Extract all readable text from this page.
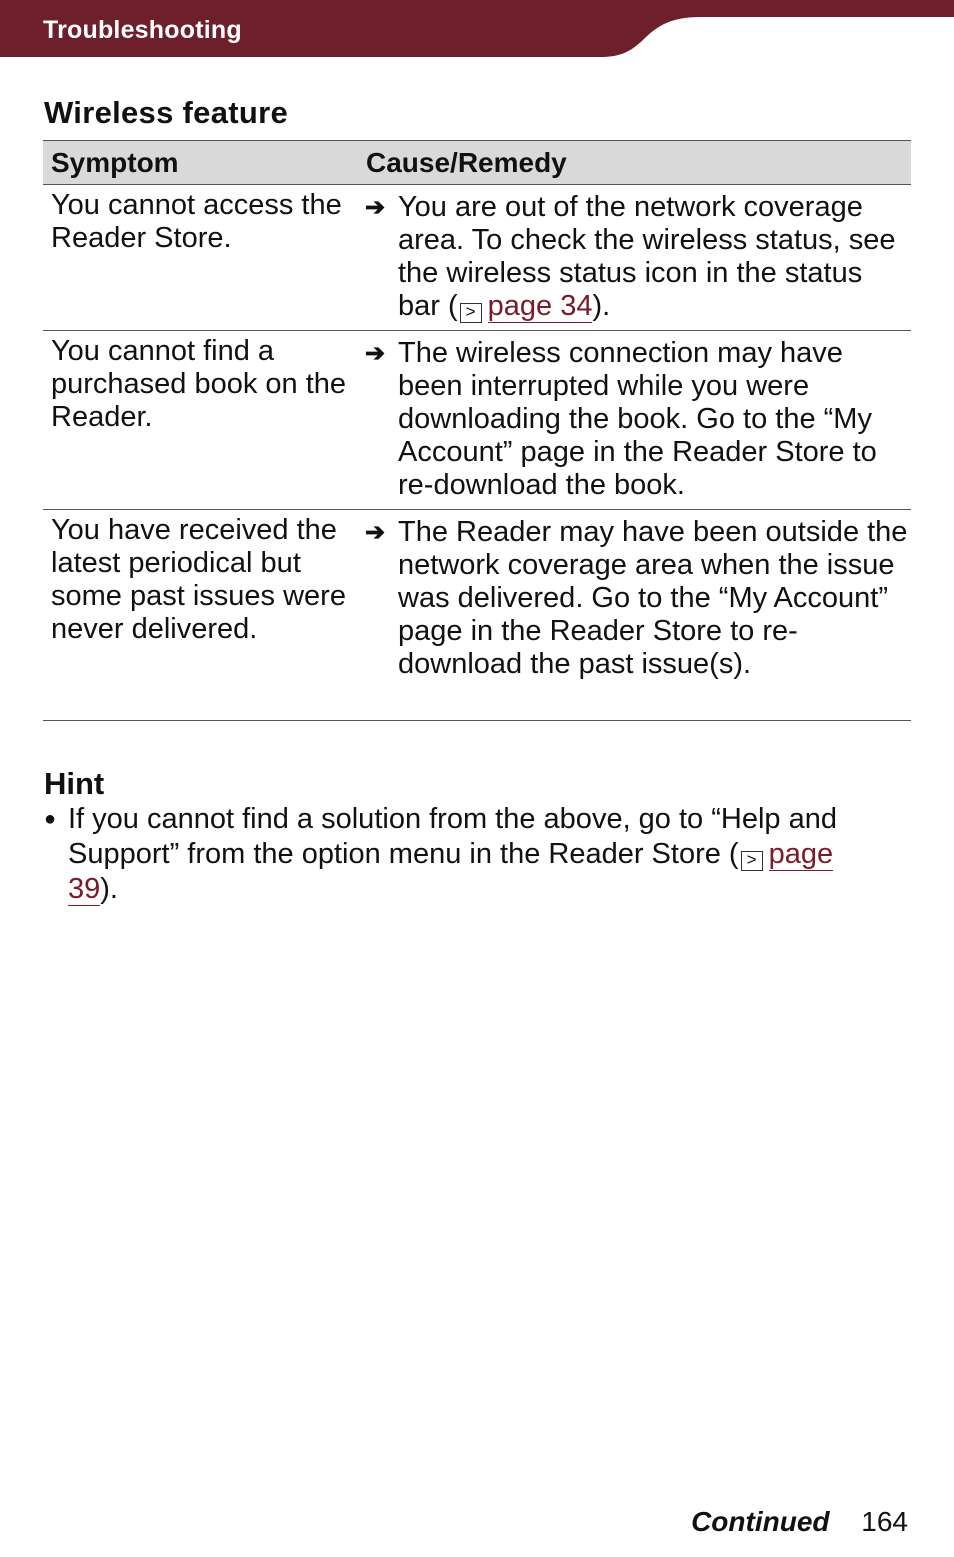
Troubleshooting
Wireless feature
Symptom	Cause/Remedy
You cannot access the Reader Store.
➔ You are out of the network coverage area. To check the wireless status, see the wireless status icon in the status bar ( > page 34).
You cannot find a purchased book on the Reader.
➔ The wireless connection may have been interrupted while you were downloading the book. Go to the “My Account” page in the Reader Store to re-download the book.
You have received the latest periodical but some past issues were never delivered.
➔ The Reader may have been outside the network coverage area when the issue was delivered. Go to the “My Account” page in the Reader Store to re-download the past issue(s).
Hint
● If you cannot find a solution from the above, go to “Help and Support” from the option menu in the Reader Store ( > page 39).
Continued 164
